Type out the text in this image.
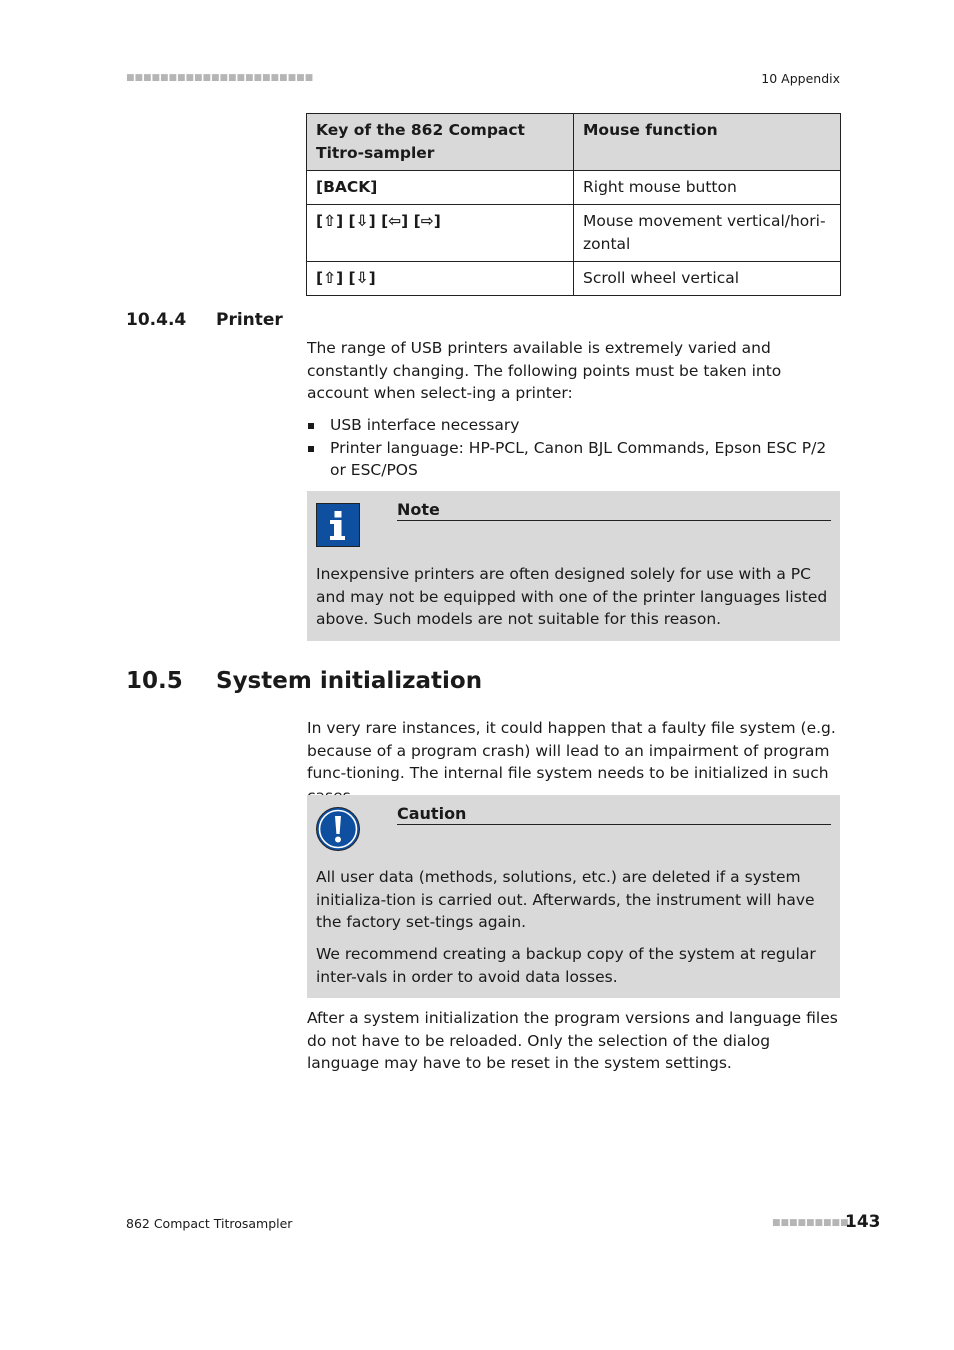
■■■■■■■■■■■■■■■■■■■■■■	10 Appendix
Key of the 862 Compact Titro-sampler	Mouse function
[BACK]	Right mouse button
[⇧] [⇩] [⇦] [⇨]	Mouse movement vertical/hori-zontal
[⇧] [⇩]	Scroll wheel vertical
10.4.4 Printer
The range of USB printers available is extremely varied and constantly changing. The following points must be taken into account when select-ing a printer:
USB interface necessary
Printer language: HP-PCL, Canon BJL Commands, Epson ESC P/2 or ESC/POS
Note
Inexpensive printers are often designed solely for use with a PC and may not be equipped with one of the printer languages listed above. Such models are not suitable for this reason.
10.5 System initialization
In very rare instances, it could happen that a faulty file system (e.g. because of a program crash) will lead to an impairment of program func-tioning. The internal file system needs to be initialized in such
Caution
All user data (methods, solutions, etc.) are deleted if a system initializa-tion is carried out. Afterwards, the instrument will have the factory set-tings again.
We recommend creating a backup copy of the system at regular inter-vals in order to avoid data losses.
After a system initialization the program versions and language files do not have to be reloaded. Only the selection of the dialog language may have to be reset in the system settings.
862 Compact Titrosampler	■■■■■■■■■
143
